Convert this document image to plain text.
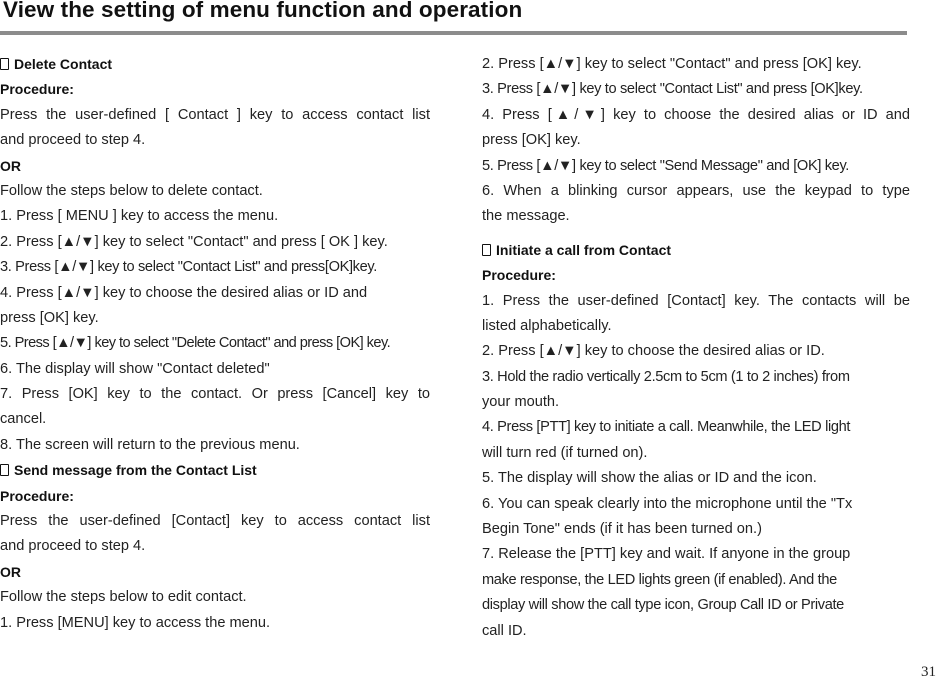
View the setting of menu function and operation
Delete Contact
Procedure:
Press the user-defined [ Contact ] key to access contact list
and proceed to step 4.
OR
Follow the steps below to delete contact.
1. Press [ MENU ] key to access the menu.
2. Press [▲/▼] key to select "Contact" and press [ OK ] key.
3. Press [▲/▼] key to select "Contact List" and press[OK]key.
4. Press [▲/▼] key to choose the desired alias or ID and
press [OK] key.
5. Press [▲/▼] key to select "Delete Contact" and press [OK] key.
6. The display will show "Contact deleted"
7. Press [OK] key to the contact. Or press [Cancel] key to
cancel.
8. The screen will return to the previous menu.
Send message from the Contact List
Procedure:
Press the user-defined [Contact] key to access contact list
and proceed to step 4.
OR
Follow the steps below to edit contact.
1. Press [MENU] key to access the menu.
2. Press [▲/▼] key to select "Contact" and press [OK] key.
3. Press [▲/▼] key to select "Contact List" and press [OK]key.
4. Press [▲/▼] key to choose the desired alias or ID and
press [OK] key.
5. Press [▲/▼] key to select "Send Message" and [OK] key.
6. When a blinking cursor appears, use the keypad to type
the message.
Initiate a call from Contact
Procedure:
1. Press the user-defined [Contact] key. The contacts will be
listed alphabetically.
2. Press [▲/▼] key to choose the desired alias or ID.
3. Hold the radio vertically 2.5cm to 5cm (1 to 2 inches) from
your mouth.
4. Press [PTT] key to initiate a call. Meanwhile, the LED light
will turn red (if turned on).
5. The display will show the alias or ID and the icon.
6. You can speak clearly into the microphone until the "Tx
Begin Tone" ends (if it has been turned on.)
7. Release the [PTT] key and wait. If anyone in the group
make response, the LED lights green (if enabled). And the
display will show the call type icon, Group Call ID or Private
call ID.
31
